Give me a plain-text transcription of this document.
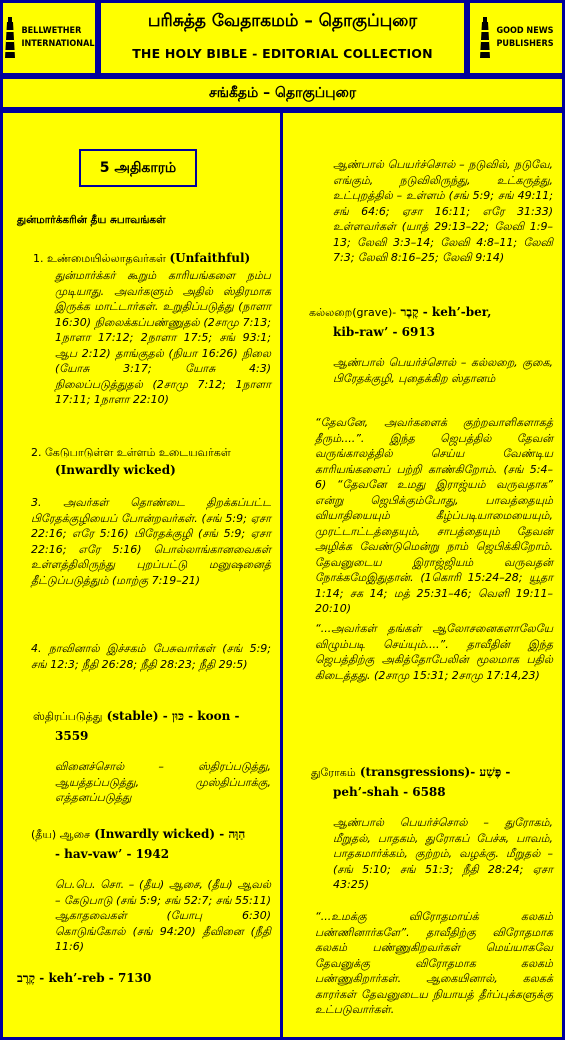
BELLWETHER
INTERNATIONAL
பரிசுத்த வேதாகமம் – தொகுப்புரை
THE HOLY BIBLE - EDITORIAL COLLECTION
GOOD NEWS
PUBLISHERS
சங்கீதம் – தொகுப்புரை
5 அதிகாரம்
துன்மார்க்கரின் தீய சுபாவங்கள்
1. உண்மையில்லாதவர்கள் (Unfaithful)
துன்மார்க்கர் கூறும் காரியங்களை நம்ப முடியாது. அவர்களும் அதில் ஸ்திரமாக இருக்க மாட்டார்கள். உறுதிப்படுத்து (நாளா 16:30) நிலைக்கப்பண்ணுதல் (2சாமு 7:13; 1நாளா 17:12; 2நாளா 17:5; சங் 93:1; ஆப 2:12) தாங்குதல் (நியா 16:26) நிலை (யோசு 3:17; யோசு 4:3) நிலைப்படுத்துதல் (2சாமு 7:12; 1நாளா 17:11; 1நாளா 22:10)
2. கேடுபாடுள்ள உள்ளம் உடையவர்கள்
(Inwardly wicked)
3. அவர்கள் தொண்டை திறக்கப்பட்ட பிரேதக்குழியைப் போன்றவர்கள். (சங் 5:9; ஏசா 22:16; எரே 5:16) பிரேதக்குழி (சங் 5:9; ஏசா 22:16; எரே 5:16) பொல்லாங்கானவைகள் உள்ளத்திலிருந்து புறப்பட்டு மனுஷனைத் தீட்டுப்படுத்தும் (மாற்கு 7:19–21)
4. நாவினால் இச்சகம் பேசுவார்கள் (சங் 5:9; சங் 12:3; நீதி 26:28; நீதி 28:23; நீதி 29:5)
ஸ்திரப்படுத்து (stable) - כּוּן - koon -
3559
வினைச்சொல் – ஸ்திரப்படுத்து, ஆயத்தப்படுத்து, முஸ்திப்பாக்கு, எத்தனப்படுத்து
(தீய) ஆசை (Inwardly wicked) - הַוָּה
- hav-vaw’ - 1942
பெ.பெ. சொ. – (தீய) ஆசை, (தீய) ஆவல் – கேடுபாடு (சங் 5:9; சங் 52:7; சங் 55:11) ஆகாதவைகள் (யோபு 6:30) கொடுங்கோல் (சங் 94:20) தீவினை (நீதி 11:6)
קֶרֶב - keh’-reb - 7130
ஆண்பால் பெயர்ச்சொல் – நடுவில், நடுவே, எங்கும், நடுவிலிருந்து, உட்கருத்து, உட்புறத்தில் – உள்ளம் (சங் 5:9; சங் 49:11; சங் 64:6; ஏசா 16:11; எரே 31:33) உள்ளவர்கள் (யாத் 29:13–22; லேவி 1:9–13; லேவி 3:3–14; லேவி 4:8–11; லேவி 7:3; லேவி 8:16–25; லேவி 9:14)
கல்லறை(grave)- קֶבֶר - keh’-ber,
kib-raw’ - 6913
ஆண்பால் பெயர்ச்சொல் – கல்லறை, குகை, பிரேதக்குழி, புதைக்கிற ஸ்தானம்
“தேவனே, அவர்களைக் குற்றவாளிகளாகத் தீரும்....”. இந்த ஜெபத்தில் தேவன் வருங்காலத்தில் செய்ய வேண்டிய காரியங்களைப் பற்றி காண்கிறோம். (சங் 5:4–6) “தேவனே உமது இராஜ்யம் வருவதாக” என்று ஜெபிக்கும்போது, பாவத்தையும் வியாதியையும் கீழ்ப்படியாமையையும், முரட்டாட்டத்தையும், சாபத்தையும் தேவன் அழிக்க வேண்டுமென்று நாம் ஜெபிக்கிறோம். தேவனுடைய இராஜ்ஜியம் வருவதன் நோக்கமேஇதுதான். (1கொரி 15:24–28; யூதா 1:14; சக 14; மத் 25:31–46; வெளி 19:11–20:10)
“...அவர்கள் தங்கள் ஆலோசனைகளாலேயே விழும்படி செய்யும்....”. தாவீதின் இந்த ஜெபத்திற்கு அகித்தோபேலின் மூலமாக பதில் கிடைத்தது. (2சாமு 15:31; 2சாமு 17:14,23)
துரோகம் (transgressions)- פֶּשַׁע -
peh’-shah - 6588
ஆண்பால் பெயர்ச்சொல் – துரோகம், மீறுதல், பாதகம், துரோகப் பேச்சு, பாவம், பாதகமார்க்கம், குற்றம், வழக்கு. மீறுதல் – (சங் 5:10; சங் 51:3; நீதி 28:24; ஏசா 43:25)
“...உமக்கு விரோதமாய்க் கலகம் பண்ணினார்களே”. தாவீதிற்கு விரோதமாக கலகம் பண்ணுகிறவர்கள் மெய்யாகவே தேவனுக்கு விரோதமாக கலகம் பண்ணுகிறார்கள். ஆகையினால், கலகக் காரர்கள் தேவனுடைய நியாயத் தீர்ப்புக்களுக்கு உட்படுவார்கள்.
